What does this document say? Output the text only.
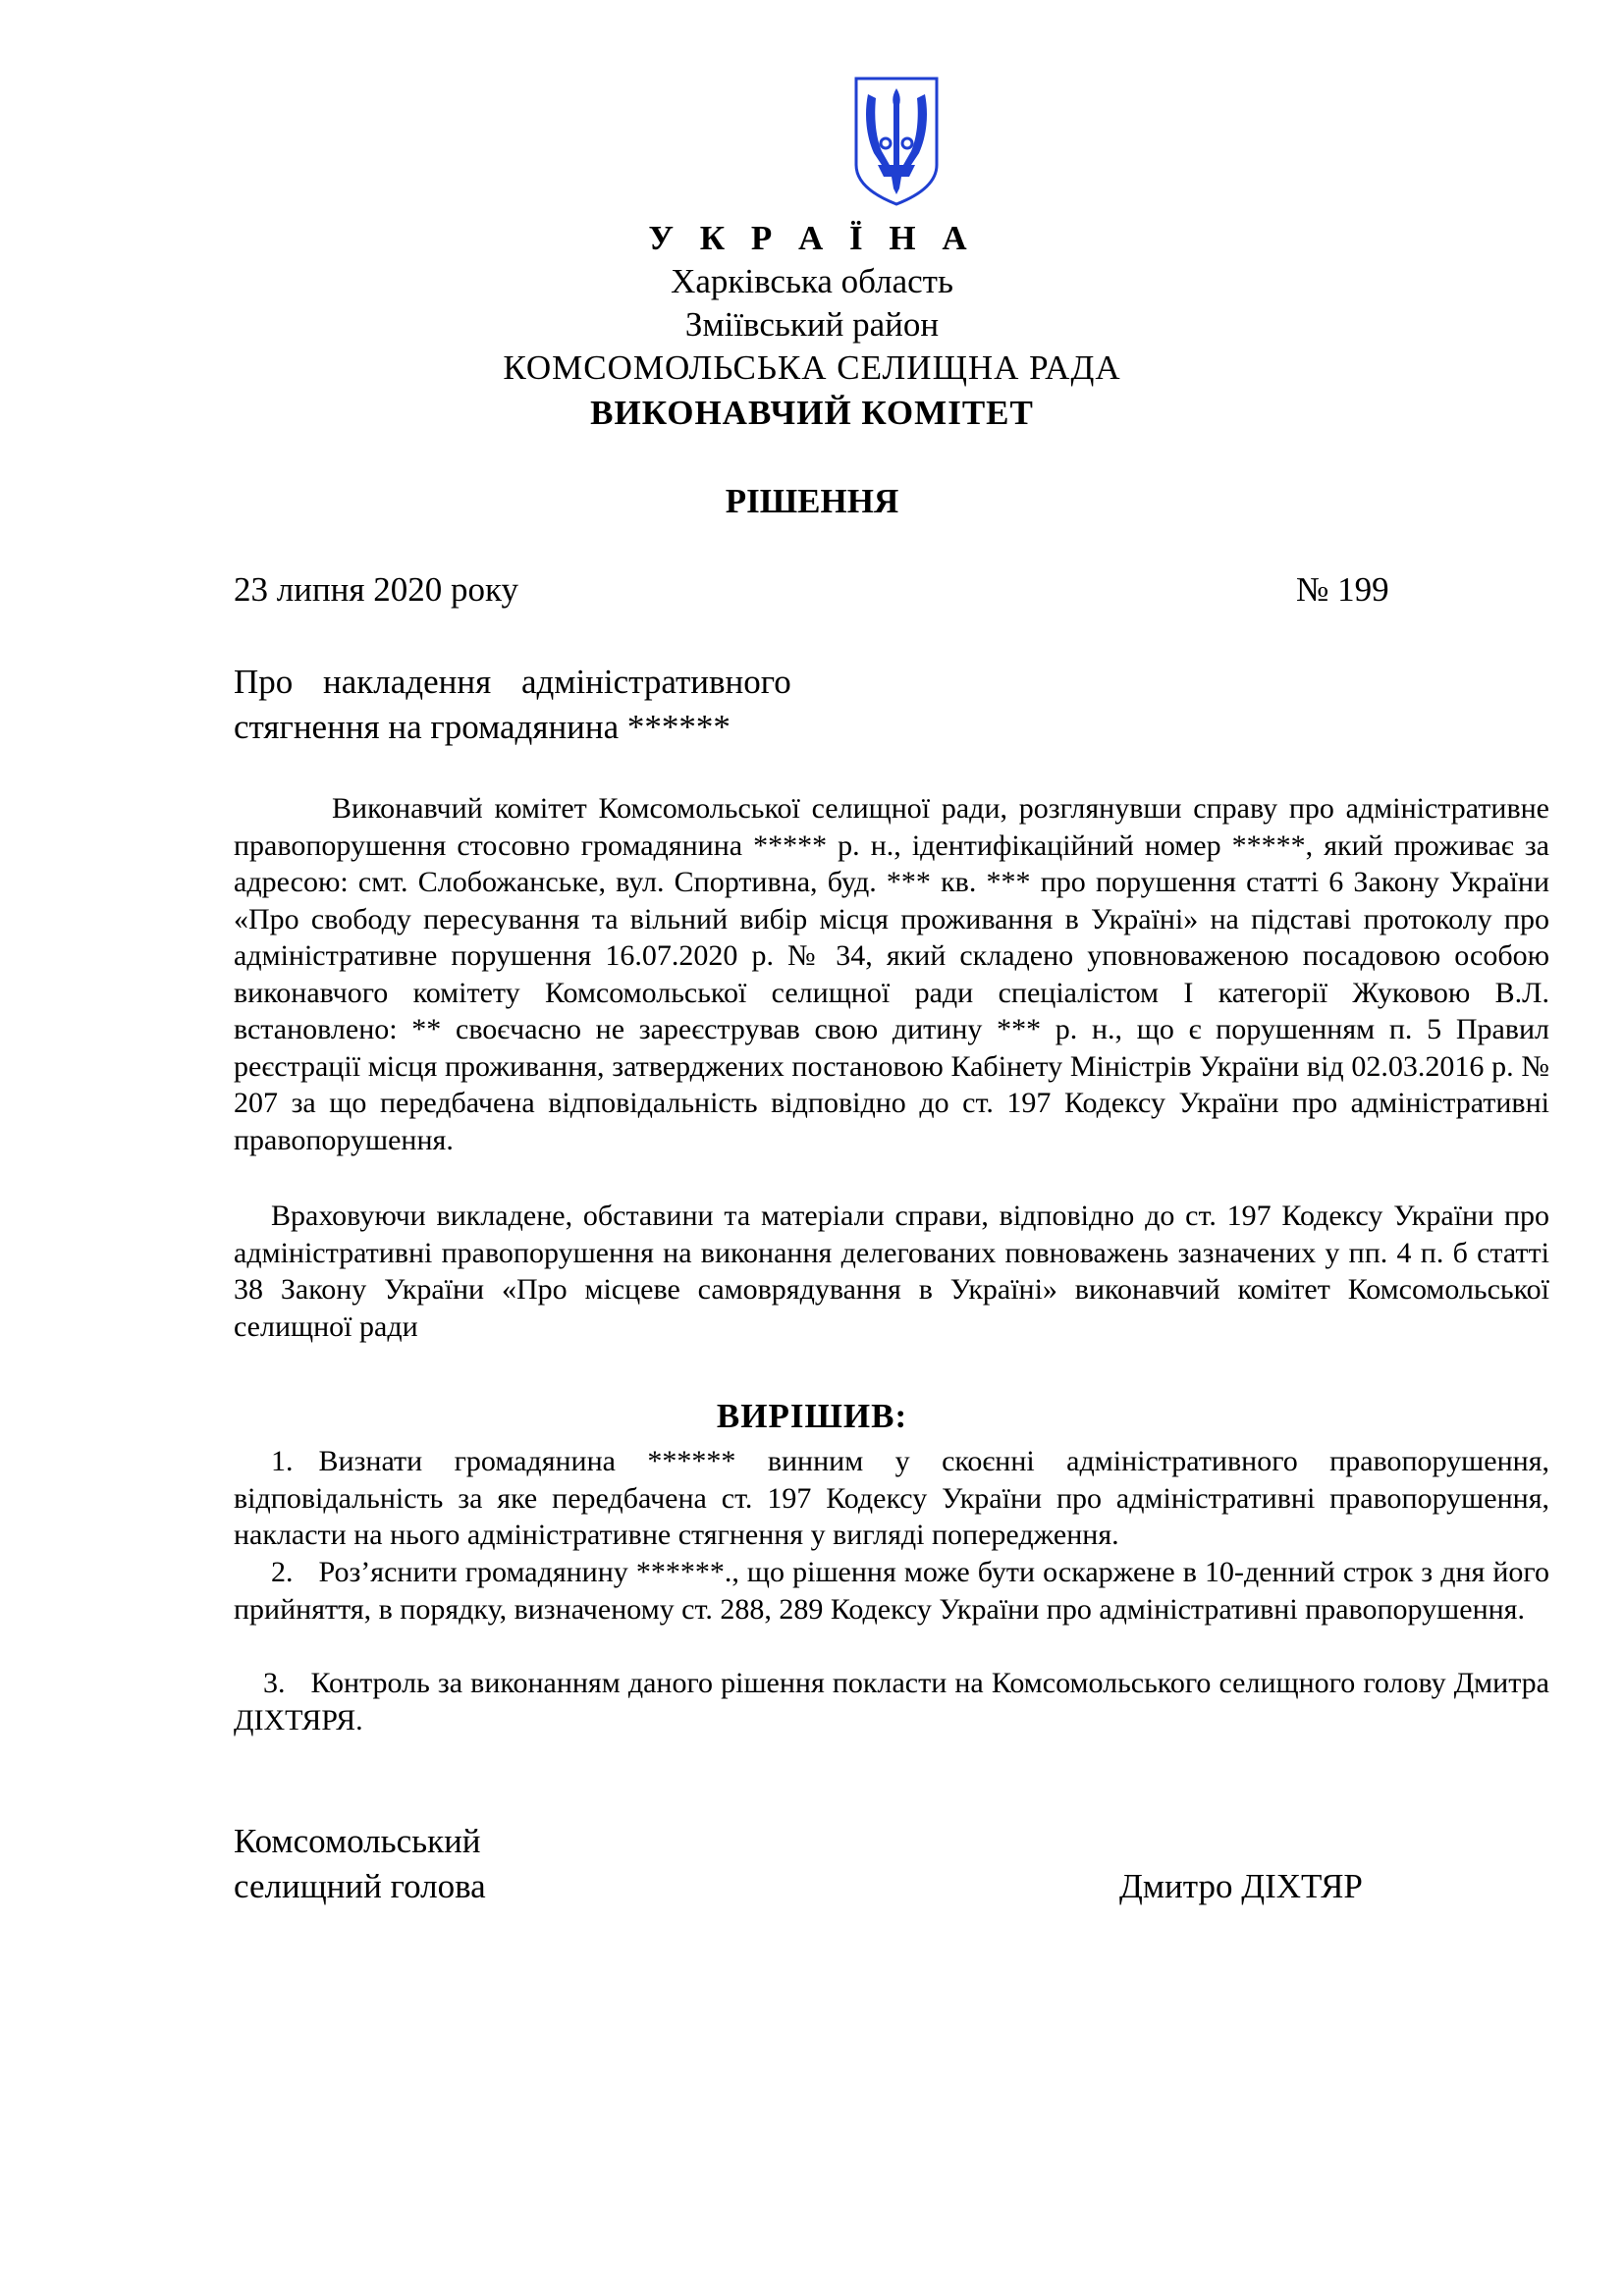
У К Р А Ї Н А
Харківська область
Зміївський район
КОМСОМОЛЬСЬКА СЕЛИЩНА РАДА
ВИКОНАВЧИЙ КОМІТЕТ
РІШЕННЯ
23 липня 2020 року	№ 199
Про накладення адміністративного
стягнення на громадянина ******
Виконавчий комітет Комсомольської селищної ради, розглянувши справу про адміністративне правопорушення стосовно громадянина ***** р. н., ідентифікаційний номер *****, який проживає за адресою: смт. Слобожанське, вул. Спортивна, буд. *** кв. *** про порушення статті 6 Закону України «Про свободу пересування та вільний вибір місця проживання в Україні» на підставі протоколу про адміністративне порушення 16.07.2020 р. № 34, який складено уповноваженою посадовою особою виконавчого комітету Комсомольської селищної ради спеціалістом І категорії Жуковою В.Л. встановлено: ** своєчасно не зареєстрував свою дитину *** р. н., що є порушенням п. 5 Правил реєстрації місця проживання, затверджених постановою Кабінету Міністрів України від 02.03.2016 р. № 207 за що передбачена відповідальність відповідно до ст. 197 Кодексу України про адміністративні правопорушення.
Враховуючи викладене, обставини та матеріали справи, відповідно до ст. 197 Кодексу України про адміністративні правопорушення на виконання делегованих повноважень зазначених у пп. 4 п. б статті 38 Закону України «Про місцеве самоврядування в Україні» виконавчий комітет Комсомольської селищної ради
ВИРІШИВ:
1. Визнати громадянина ****** винним у скоєнні адміністративного правопорушення, відповідальність за яке передбачена ст. 197 Кодексу України про адміністративні правопорушення, накласти на нього адміністративне стягнення у вигляді попередження.
2. Роз’яснити громадянину ******., що рішення може бути оскаржене в 10-денний строк з дня його прийняття, в порядку, визначеному ст. 288, 289 Кодексу України про адміністративні правопорушення.
3. Контроль за виконанням даного рішення покласти на Комсомольського селищного голову Дмитра ДІХТЯРЯ.
Комсомольський
селищний голова	Дмитро ДІХТЯР
